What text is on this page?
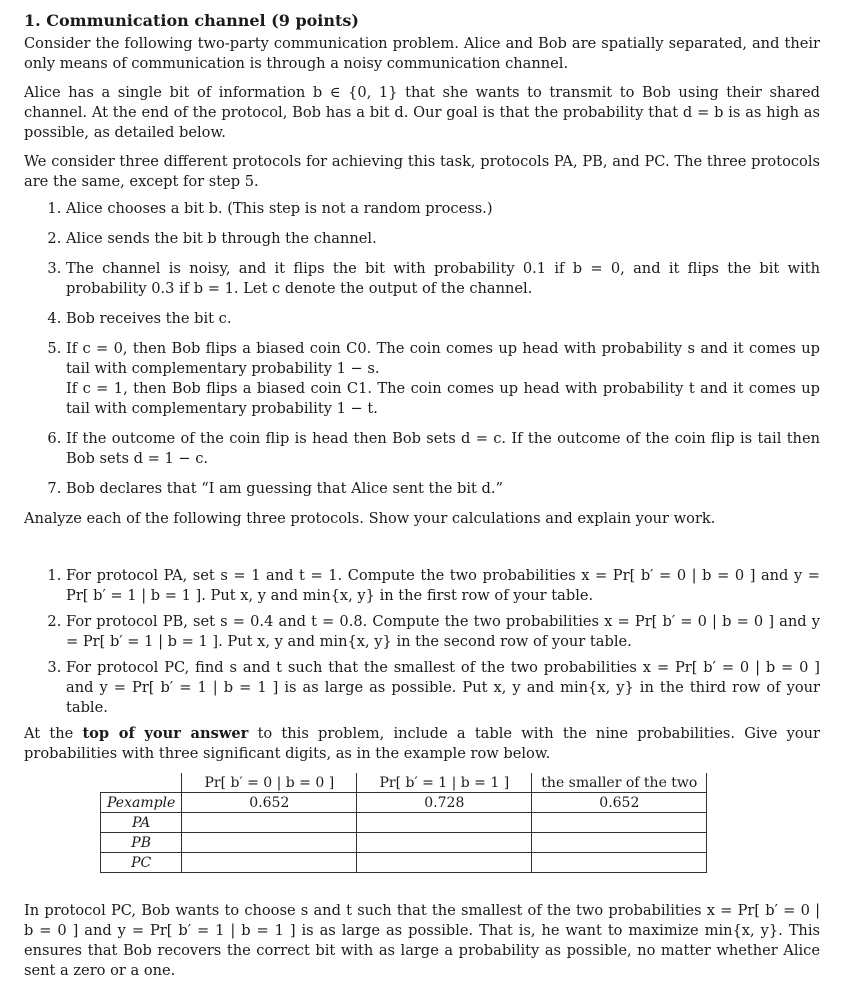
1. Communication channel (9 points)

Consider the following two-party communication problem. Alice and Bob are spatially separated, and their only means of communication is through a noisy communication channel.

Alice has a single bit of information b ∈ {0, 1} that she wants to transmit to Bob using their shared channel. At the end of the protocol, Bob has a bit d. Our goal is that the probability that d = b is as high as possible, as detailed below.

We consider three different protocols for achieving this task, protocols PA, PB, and PC. The three protocols are the same, except for step 5.

1. Alice chooses a bit b. (This step is not a random process.)
2. Alice sends the bit b through the channel.
3. The channel is noisy, and it flips the bit with probability 0.1 if b = 0, and it flips the bit with probability 0.3 if b = 1. Let c denote the output of the channel.
4. Bob receives the bit c.
5. If c = 0, then Bob flips a biased coin C0. The coin comes up head with probability s and it comes up tail with complementary probability 1 − s.
If c = 1, then Bob flips a biased coin C1. The coin comes up head with probability t and it comes up tail with complementary probability 1 − t.
6. If the outcome of the coin flip is head then Bob sets d = c. If the outcome of the coin flip is tail then Bob sets d = 1 − c.
7. Bob declares that “I am guessing that Alice sent the bit d.”

Analyze each of the following three protocols. Show your calculations and explain your work.

1. For protocol PA, set s = 1 and t = 1. Compute the two probabilities x = Pr[ b′ = 0 | b = 0 ] and y = Pr[ b′ = 1 | b = 1 ]. Put x, y and min{x, y} in the first row of your table.
2. For protocol PB, set s = 0.4 and t = 0.8. Compute the two probabilities x = Pr[ b′ = 0 | b = 0 ] and y = Pr[ b′ = 1 | b = 1 ]. Put x, y and min{x, y} in the second row of your table.
3. For protocol PC, find s and t such that the smallest of the two probabilities x = Pr[ b′ = 0 | b = 0 ] and y = Pr[ b′ = 1 | b = 1 ] is as large as possible. Put x, y and min{x, y} in the third row of your table.

At the top of your answer to this problem, include a table with the nine probabilities. Give your probabilities with three significant digits, as in the example row below.

	Pr[ b′ = 0 | b = 0 ]	Pr[ b′ = 1 | b = 1 ]	the smaller of the two
Pexample	0.652	0.728	0.652
PA			
PB			
PC			

In protocol PC, Bob wants to choose s and t such that the smallest of the two probabilities x = Pr[ b′ = 0 | b = 0 ] and y = Pr[ b′ = 1 | b = 1 ] is as large as possible. That is, he want to maximize min{x, y}. This ensures that Bob recovers the correct bit with as large a probability as possible, no matter whether Alice sent a zero or a one.
